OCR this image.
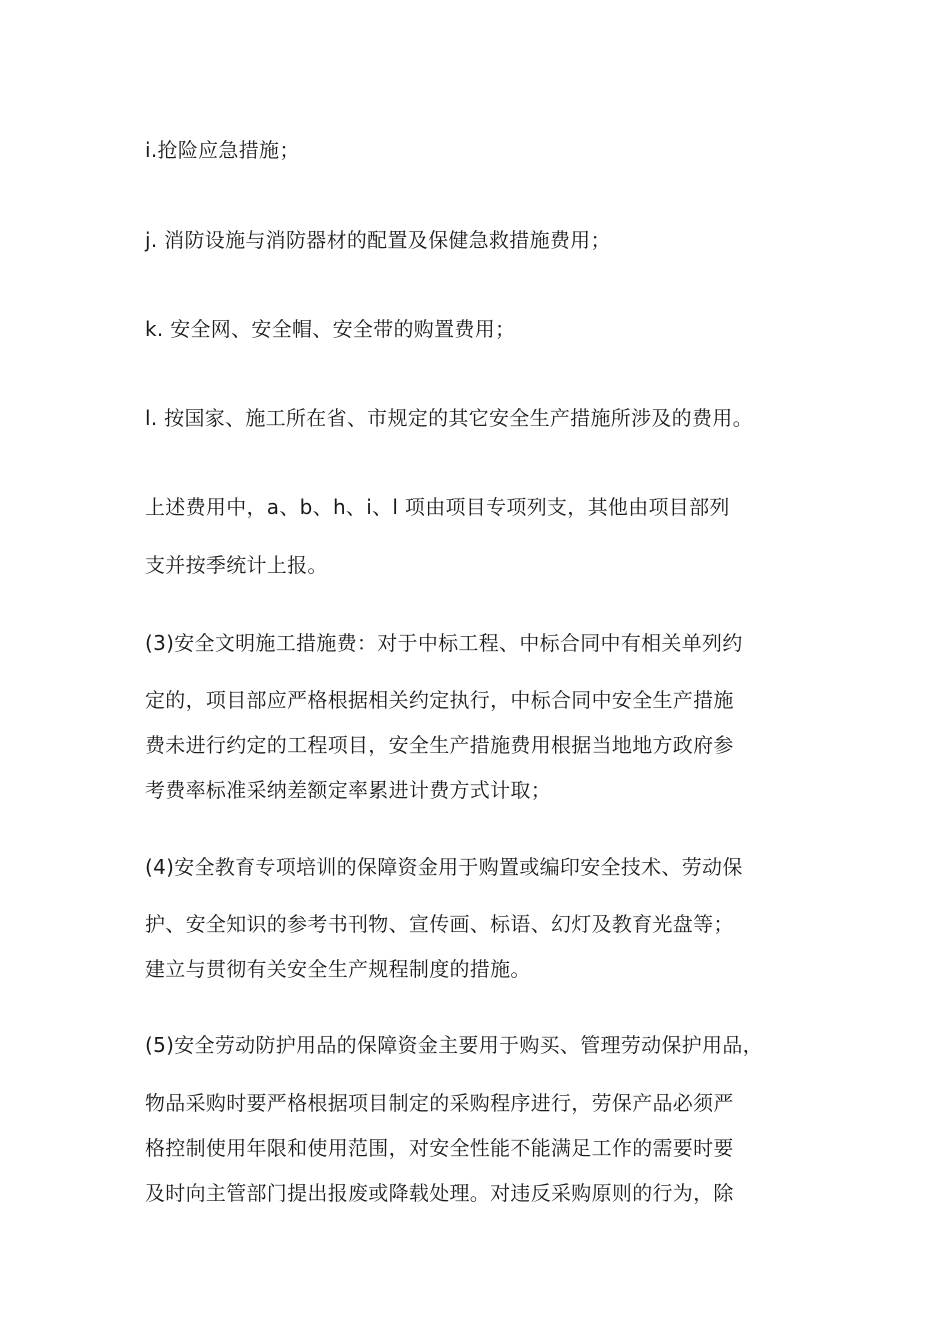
i.抢险应急措施；
j. 消防设施与消防器材的配置及保健急救措施费用；
k. 安全网、安全帽、安全带的购置费用；
l. 按国家、施工所在省、市规定的其它安全生产措施所涉及的费用。
上述费用中，a、b、h、i、l 项由项目专项列支，其他由项目部列
支并按季统计上报。
(3)安全文明施工措施费：对于中标工程、中标合同中有相关单列约
定的，项目部应严格根据相关约定执行，中标合同中安全生产措施
费未进行约定的工程项目，安全生产措施费用根据当地地方政府参
考费率标准采纳差额定率累进计费方式计取；
(4)安全教育专项培训的保障资金用于购置或编印安全技术、劳动保
护、安全知识的参考书刊物、宣传画、标语、幻灯及教育光盘等；
建立与贯彻有关安全生产规程制度的措施。
(5)安全劳动防护用品的保障资金主要用于购买、管理劳动保护用品，
物品采购时要严格根据项目制定的采购程序进行，劳保产品必须严
格控制使用年限和使用范围，对安全性能不能满足工作的需要时要
及时向主管部门提出报废或降载处理。对违反采购原则的行为，除
